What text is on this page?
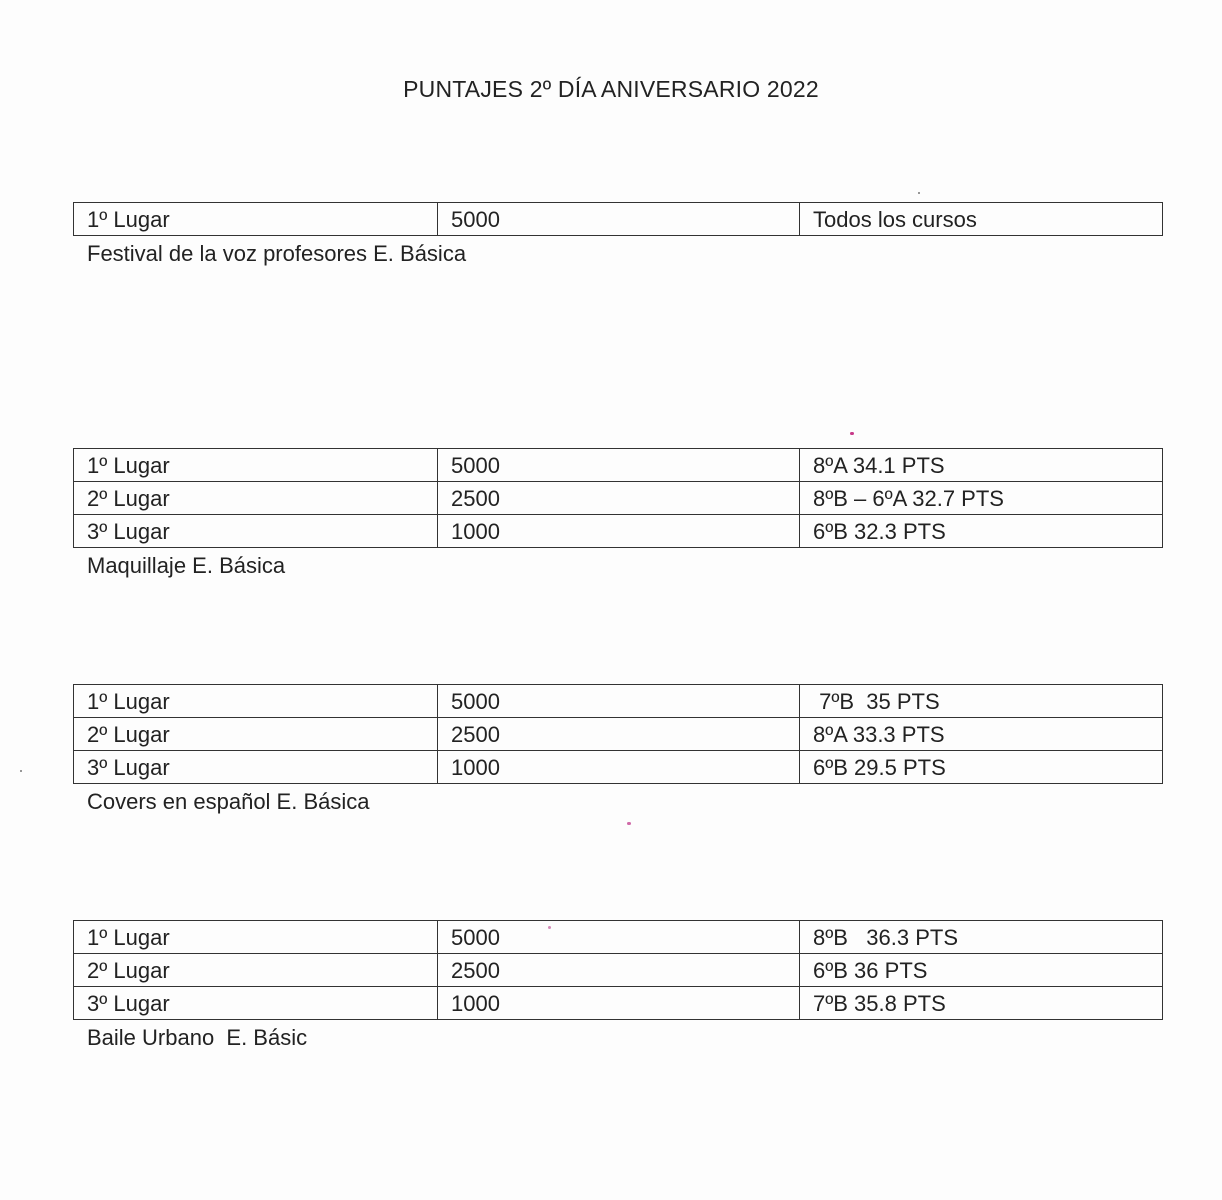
PUNTAJES 2º DÍA ANIVERSARIO 2022
1º Lugar	5000	Todos los cursos
Festival de la voz profesores E. Básica
1º Lugar	5000	8ºA 34.1 PTS
2º Lugar	2500	8ºB – 6ºA 32.7 PTS
3º Lugar	1000	6ºB 32.3 PTS
Maquillaje E. Básica
1º Lugar	5000	7ºB  35 PTS
2º Lugar	2500	8ºA 33.3 PTS
3º Lugar	1000	6ºB 29.5 PTS
Covers en español E. Básica
1º Lugar	5000	8ºB   36.3 PTS
2º Lugar	2500	6ºB 36 PTS
3º Lugar	1000	7ºB 35.8 PTS
Baile Urbano  E. Básic
